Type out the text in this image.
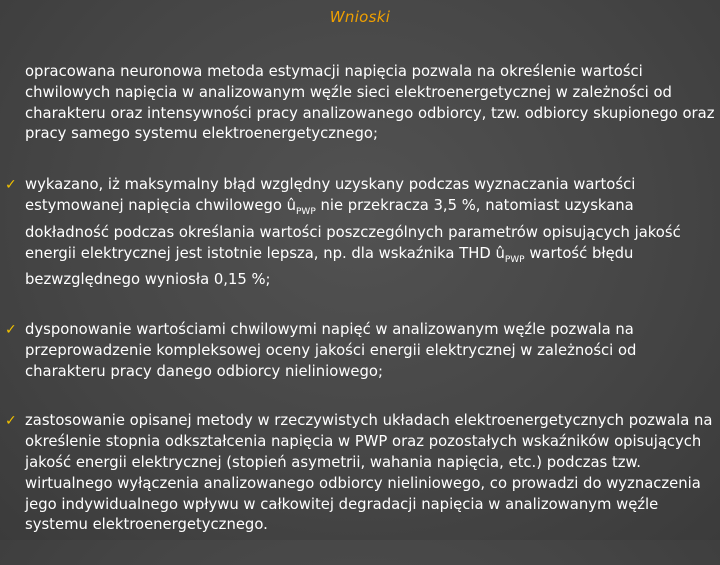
Wnioski
opracowana neuronowa metoda estymacji napięcia pozwala na określenie wartości chwilowych napięcia w analizowanym węźle sieci elektroenergetycznej w zależności od charakteru oraz intensywności pracy analizowanego odbiorcy, tzw. odbiorcy skupionego oraz pracy samego systemu elektroenergetycznego;
✓ wykazano, iż maksymalny błąd względny uzyskany podczas wyznaczania wartości estymowanej napięcia chwilowego $û_{PWP}$ nie przekracza 3,5 %, natomiast uzyskana dokładność podczas określania wartości poszczególnych parametrów opisujących jakość energii elektrycznej jest istotnie lepsza, np. dla wskaźnika THD $û_{PWP}$ wartość błędu bezwzględnego wyniosła 0,15 %;
✓ dysponowanie wartościami chwilowymi napięć w analizowanym węźle pozwala na przeprowadzenie kompleksowej oceny jakości energii elektrycznej w zależności od charakteru pracy danego odbiorcy nieliniowego;
✓ zastosowanie opisanej metody w rzeczywistych układach elektroenergetycznych pozwala na określenie stopnia odkształcenia napięcia w PWP oraz pozostałych wskaźników opisujących jakość energii elektrycznej (stopień asymetrii, wahania napięcia, etc.) podczas tzw. wirtualnego wyłączenia analizowanego odbiorcy nieliniowego, co prowadzi do wyznaczenia jego indywidualnego wpływu w całkowitej degradacji napięcia w analizowanym węźle systemu elektroenergetycznego.
